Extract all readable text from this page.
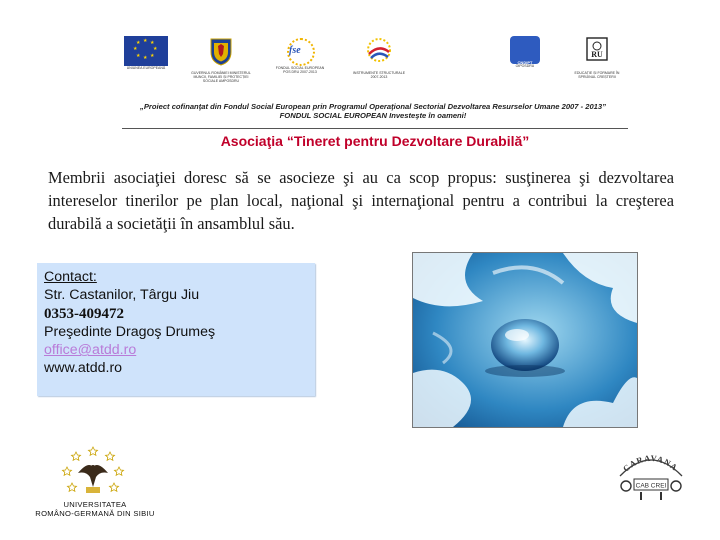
★ ★
★
★
★
★
★
★
UNIUNEA EUROPEANĂ
GUVERNUL ROMÂNIEI MINISTERUL MUNCII, FAMILIEI ȘI PROTECȚIEI SOCIALE AMPOSDRU
fse
FONDUL SOCIAL EUROPEAN POS DRU 2007-2013	INSTRUMENTE STRUCTURALE 2007-2013
CNDIPT
OIPOSDRU
RU
EDUCAȚIE ȘI FORMARE ÎN SPRIJINUL CREȘTERII
„Proiect cofinanţat din Fondul Social European prin Programul Operaţional Sectorial Dezvoltarea Resurselor Umane 2007 - 2013”
FONDUL SOCIAL EUROPEAN Investeşte în oameni!
Asociaţia “Tineret pentru Dezvoltare Durabilă”
Membrii asociaţiei doresc să se asocieze şi au ca scop propus: susţinerea şi dezvoltarea intereselor tinerilor pe plan local, naţional şi internaţional pentru a contribui la creşterea durabilă a societăţii în ansamblul său.
Contact:
Str. Castanilor, Târgu Jiu
0353-409472
Preşedinte Dragoş Drumeş
office@atdd.ro
www.atdd.ro
UNIVERSITATEA
ROMÂNO-GERMANĂ DIN SIBIU
CARAVANA
CAB CREI
